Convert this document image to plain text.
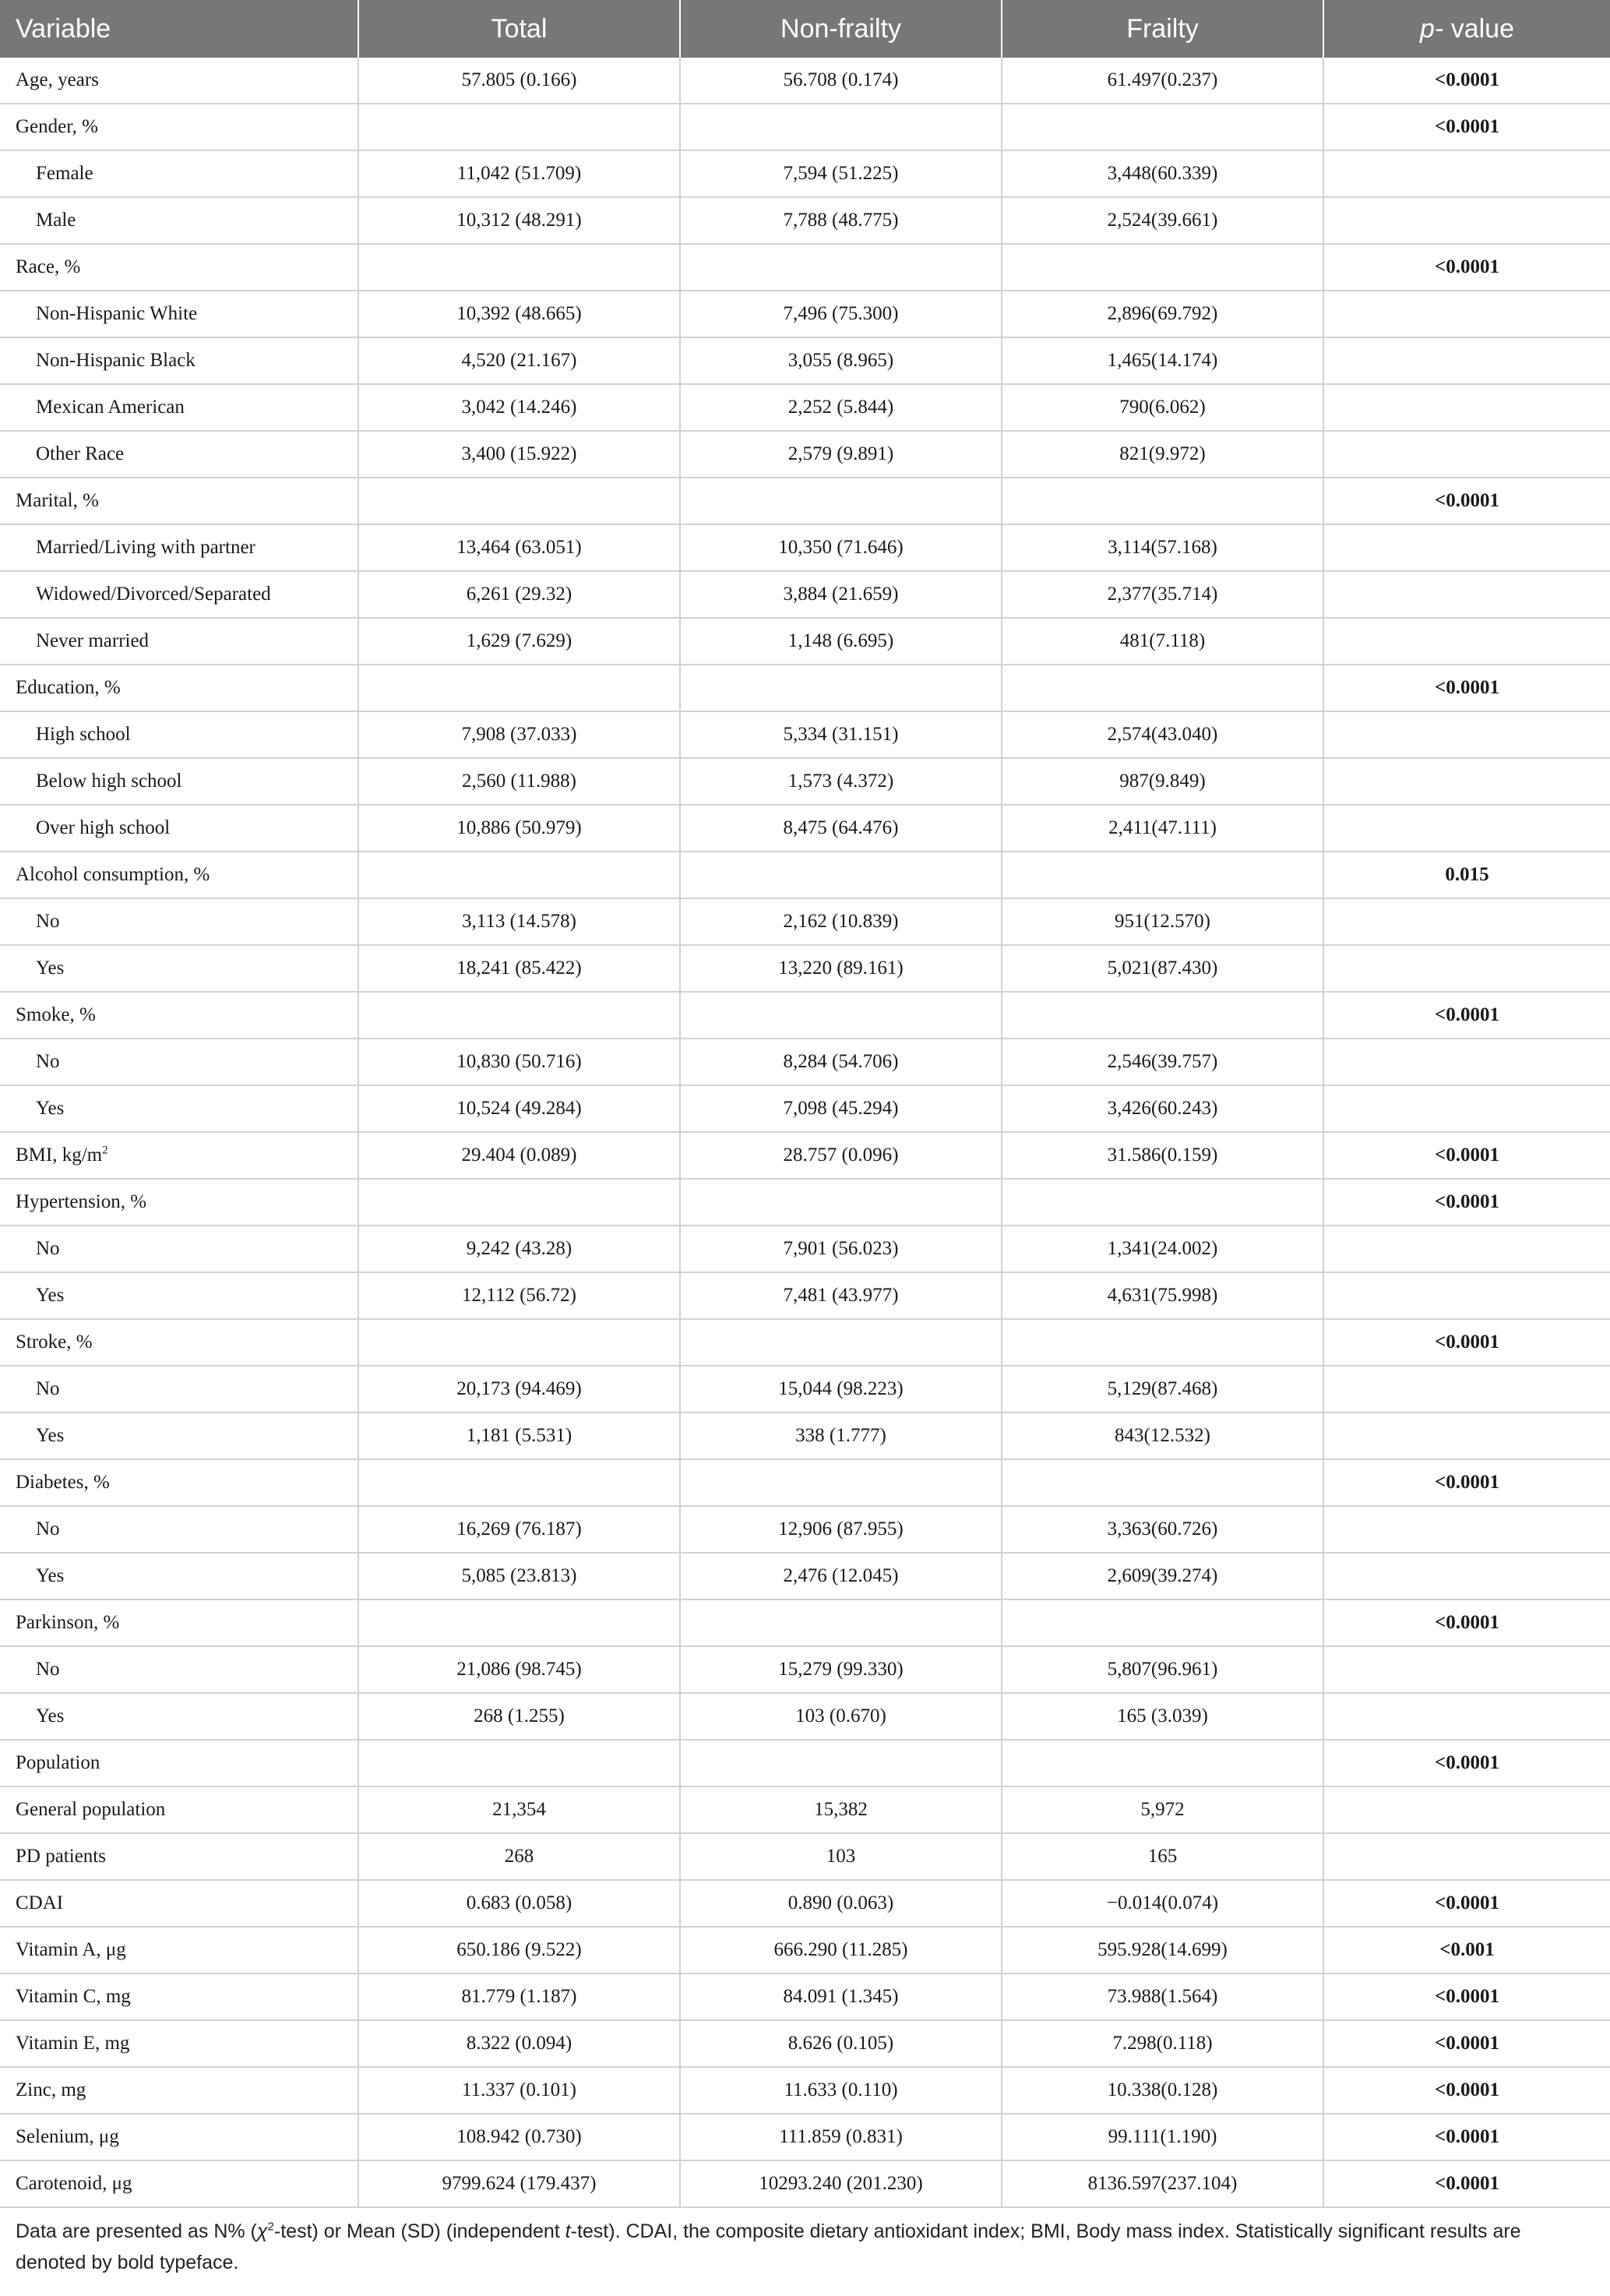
Variable	Total	Non-frailty	Frailty	p- value
Age, years	57.805 (0.166)	56.708 (0.174)	61.497(0.237)	<0.0001
Gender, %				<0.0001
Female	11,042 (51.709)	7,594 (51.225)	3,448(60.339)	
Male	10,312 (48.291)	7,788 (48.775)	2,524(39.661)	
Race, %				<0.0001
Non-Hispanic White	10,392 (48.665)	7,496 (75.300)	2,896(69.792)	
Non-Hispanic Black	4,520 (21.167)	3,055 (8.965)	1,465(14.174)	
Mexican American	3,042 (14.246)	2,252 (5.844)	790(6.062)	
Other Race	3,400 (15.922)	2,579 (9.891)	821(9.972)	
Marital, %				<0.0001
Married/Living with partner	13,464 (63.051)	10,350 (71.646)	3,114(57.168)	
Widowed/Divorced/Separated	6,261 (29.32)	3,884 (21.659)	2,377(35.714)	
Never married	1,629 (7.629)	1,148 (6.695)	481(7.118)	
Education, %				<0.0001
High school	7,908 (37.033)	5,334 (31.151)	2,574(43.040)	
Below high school	2,560 (11.988)	1,573 (4.372)	987(9.849)	
Over high school	10,886 (50.979)	8,475 (64.476)	2,411(47.111)	
Alcohol consumption, %				0.015
No	3,113 (14.578)	2,162 (10.839)	951(12.570)	
Yes	18,241 (85.422)	13,220 (89.161)	5,021(87.430)	
Smoke, %				<0.0001
No	10,830 (50.716)	8,284 (54.706)	2,546(39.757)	
Yes	10,524 (49.284)	7,098 (45.294)	3,426(60.243)	
BMI, $kg/m^2$	29.404 (0.089)	28.757 (0.096)	31.586(0.159)	<0.0001
Hypertension, %				<0.0001
No	9,242 (43.28)	7,901 (56.023)	1,341(24.002)	
Yes	12,112 (56.72)	7,481 (43.977)	4,631(75.998)	
Stroke, %				<0.0001
No	20,173 (94.469)	15,044 (98.223)	5,129(87.468)	
Yes	1,181 (5.531)	338 (1.777)	843(12.532)	
Diabetes, %				<0.0001
No	16,269 (76.187)	12,906 (87.955)	3,363(60.726)	
Yes	5,085 (23.813)	2,476 (12.045)	2,609(39.274)	
Parkinson, %				<0.0001
No	21,086 (98.745)	15,279 (99.330)	5,807(96.961)	
Yes	268 (1.255)	103 (0.670)	165 (3.039)	
Population				<0.0001
General population	21,354	15,382	5,972	
PD patients	268	103	165	
CDAI	0.683 (0.058)	0.890 (0.063)	−0.014(0.074)	<0.0001
Vitamin A, μg	650.186 (9.522)	666.290 (11.285)	595.928(14.699)	<0.001
Vitamin C, mg	81.779 (1.187)	84.091 (1.345)	73.988(1.564)	<0.0001
Vitamin E, mg	8.322 (0.094)	8.626 (0.105)	7.298(0.118)	<0.0001
Zinc, mg	11.337 (0.101)	11.633 (0.110)	10.338(0.128)	<0.0001
Selenium, μg	108.942 (0.730)	111.859 (0.831)	99.111(1.190)	<0.0001
Carotenoid, μg	9799.624 (179.437)	10293.240 (201.230)	8136.597(237.104)	<0.0001
Data are presented as N% $(\chi^2-test)$ or Mean (SD) (independent t-test). CDAI, the composite dietary antioxidant index; BMI, Body mass index. Statistically significant results are denoted by bold typeface.
